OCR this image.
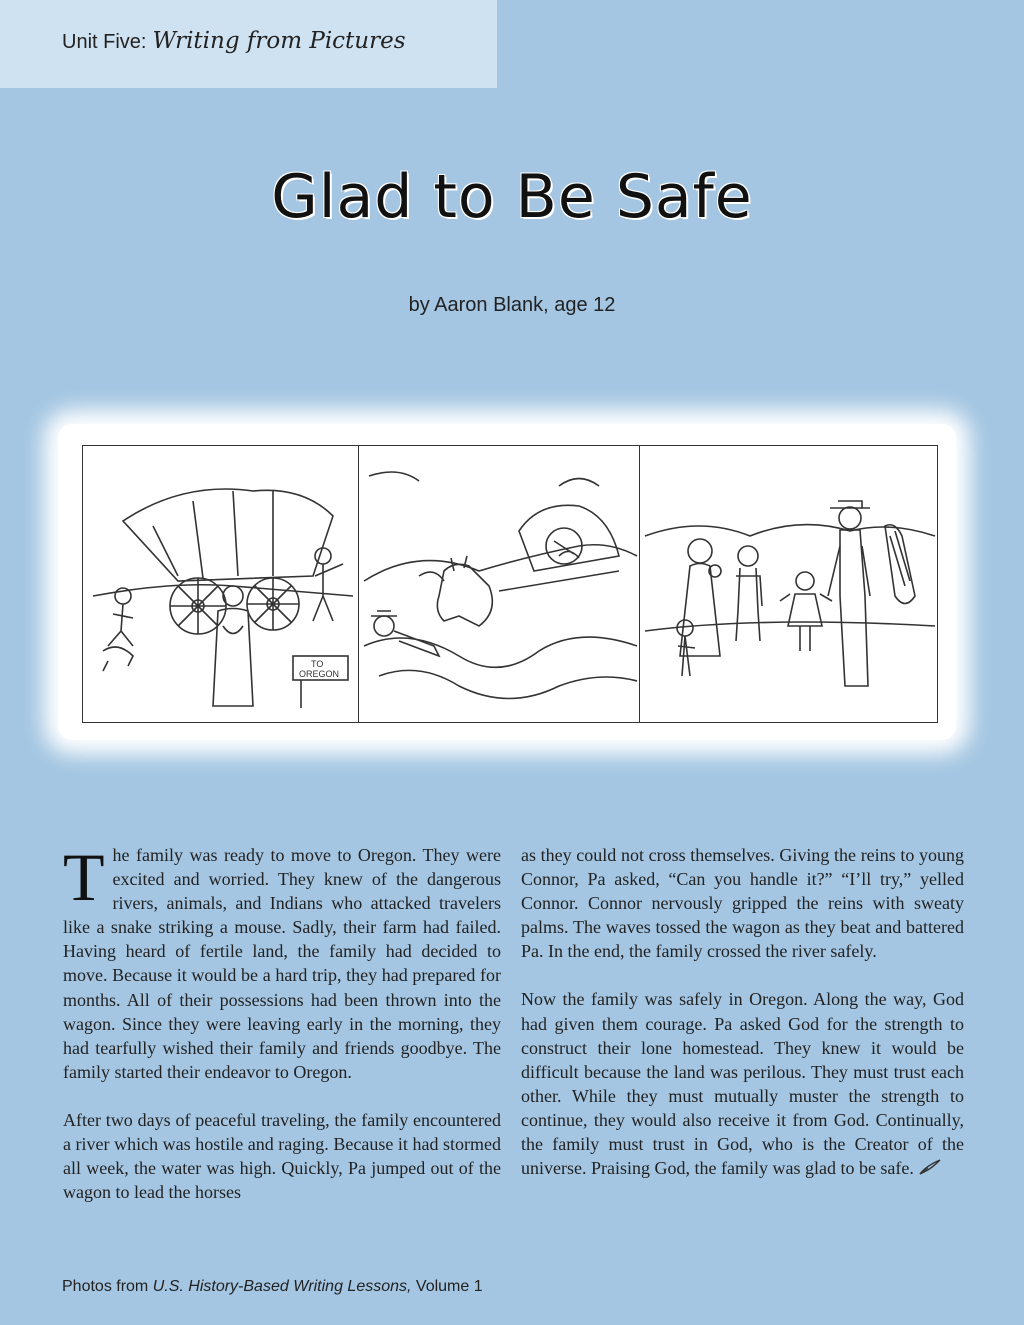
Unit Five: Writing from Pictures
Glad to Be Safe
by Aaron Blank, age 12
TO
OREGON

The family was ready to move to Oregon. They were excited and worried. They knew of the dangerous rivers, animals, and Indians who attacked travelers like a snake striking a mouse. Sadly, their farm had failed. Having heard of fertile land, the family had decided to move. Because it would be a hard trip, they had prepared for months. All of their possessions had been thrown into the wagon. Since they were leaving early in the morning, they had tearfully wished their family and friends goodbye. The family started their endeavor to Oregon.

After two days of peaceful traveling, the family encountered a river which was hostile and raging. Because it had stormed all week, the water was high. Quickly, Pa jumped out of the wagon to lead the horses

as they could not cross themselves. Giving the reins to young Connor, Pa asked, “Can you handle it?” “I’ll try,” yelled Connor. Connor nervously gripped the reins with sweaty palms. The waves tossed the wagon as they beat and battered Pa. In the end, the family crossed the river safely.

Now the family was safely in Oregon. Along the way, God had given them courage. Pa asked God for the strength to construct their lone homestead. They knew it would be difficult because the land was perilous. They must trust each other. While they must mutually muster the strength to continue, they would also receive it from God. Continually, the family must trust in God, who is the Creator of the universe. Praising God, the family was glad to be safe.

Photos from U.S. History-Based Writing Lessons, Volume 1
